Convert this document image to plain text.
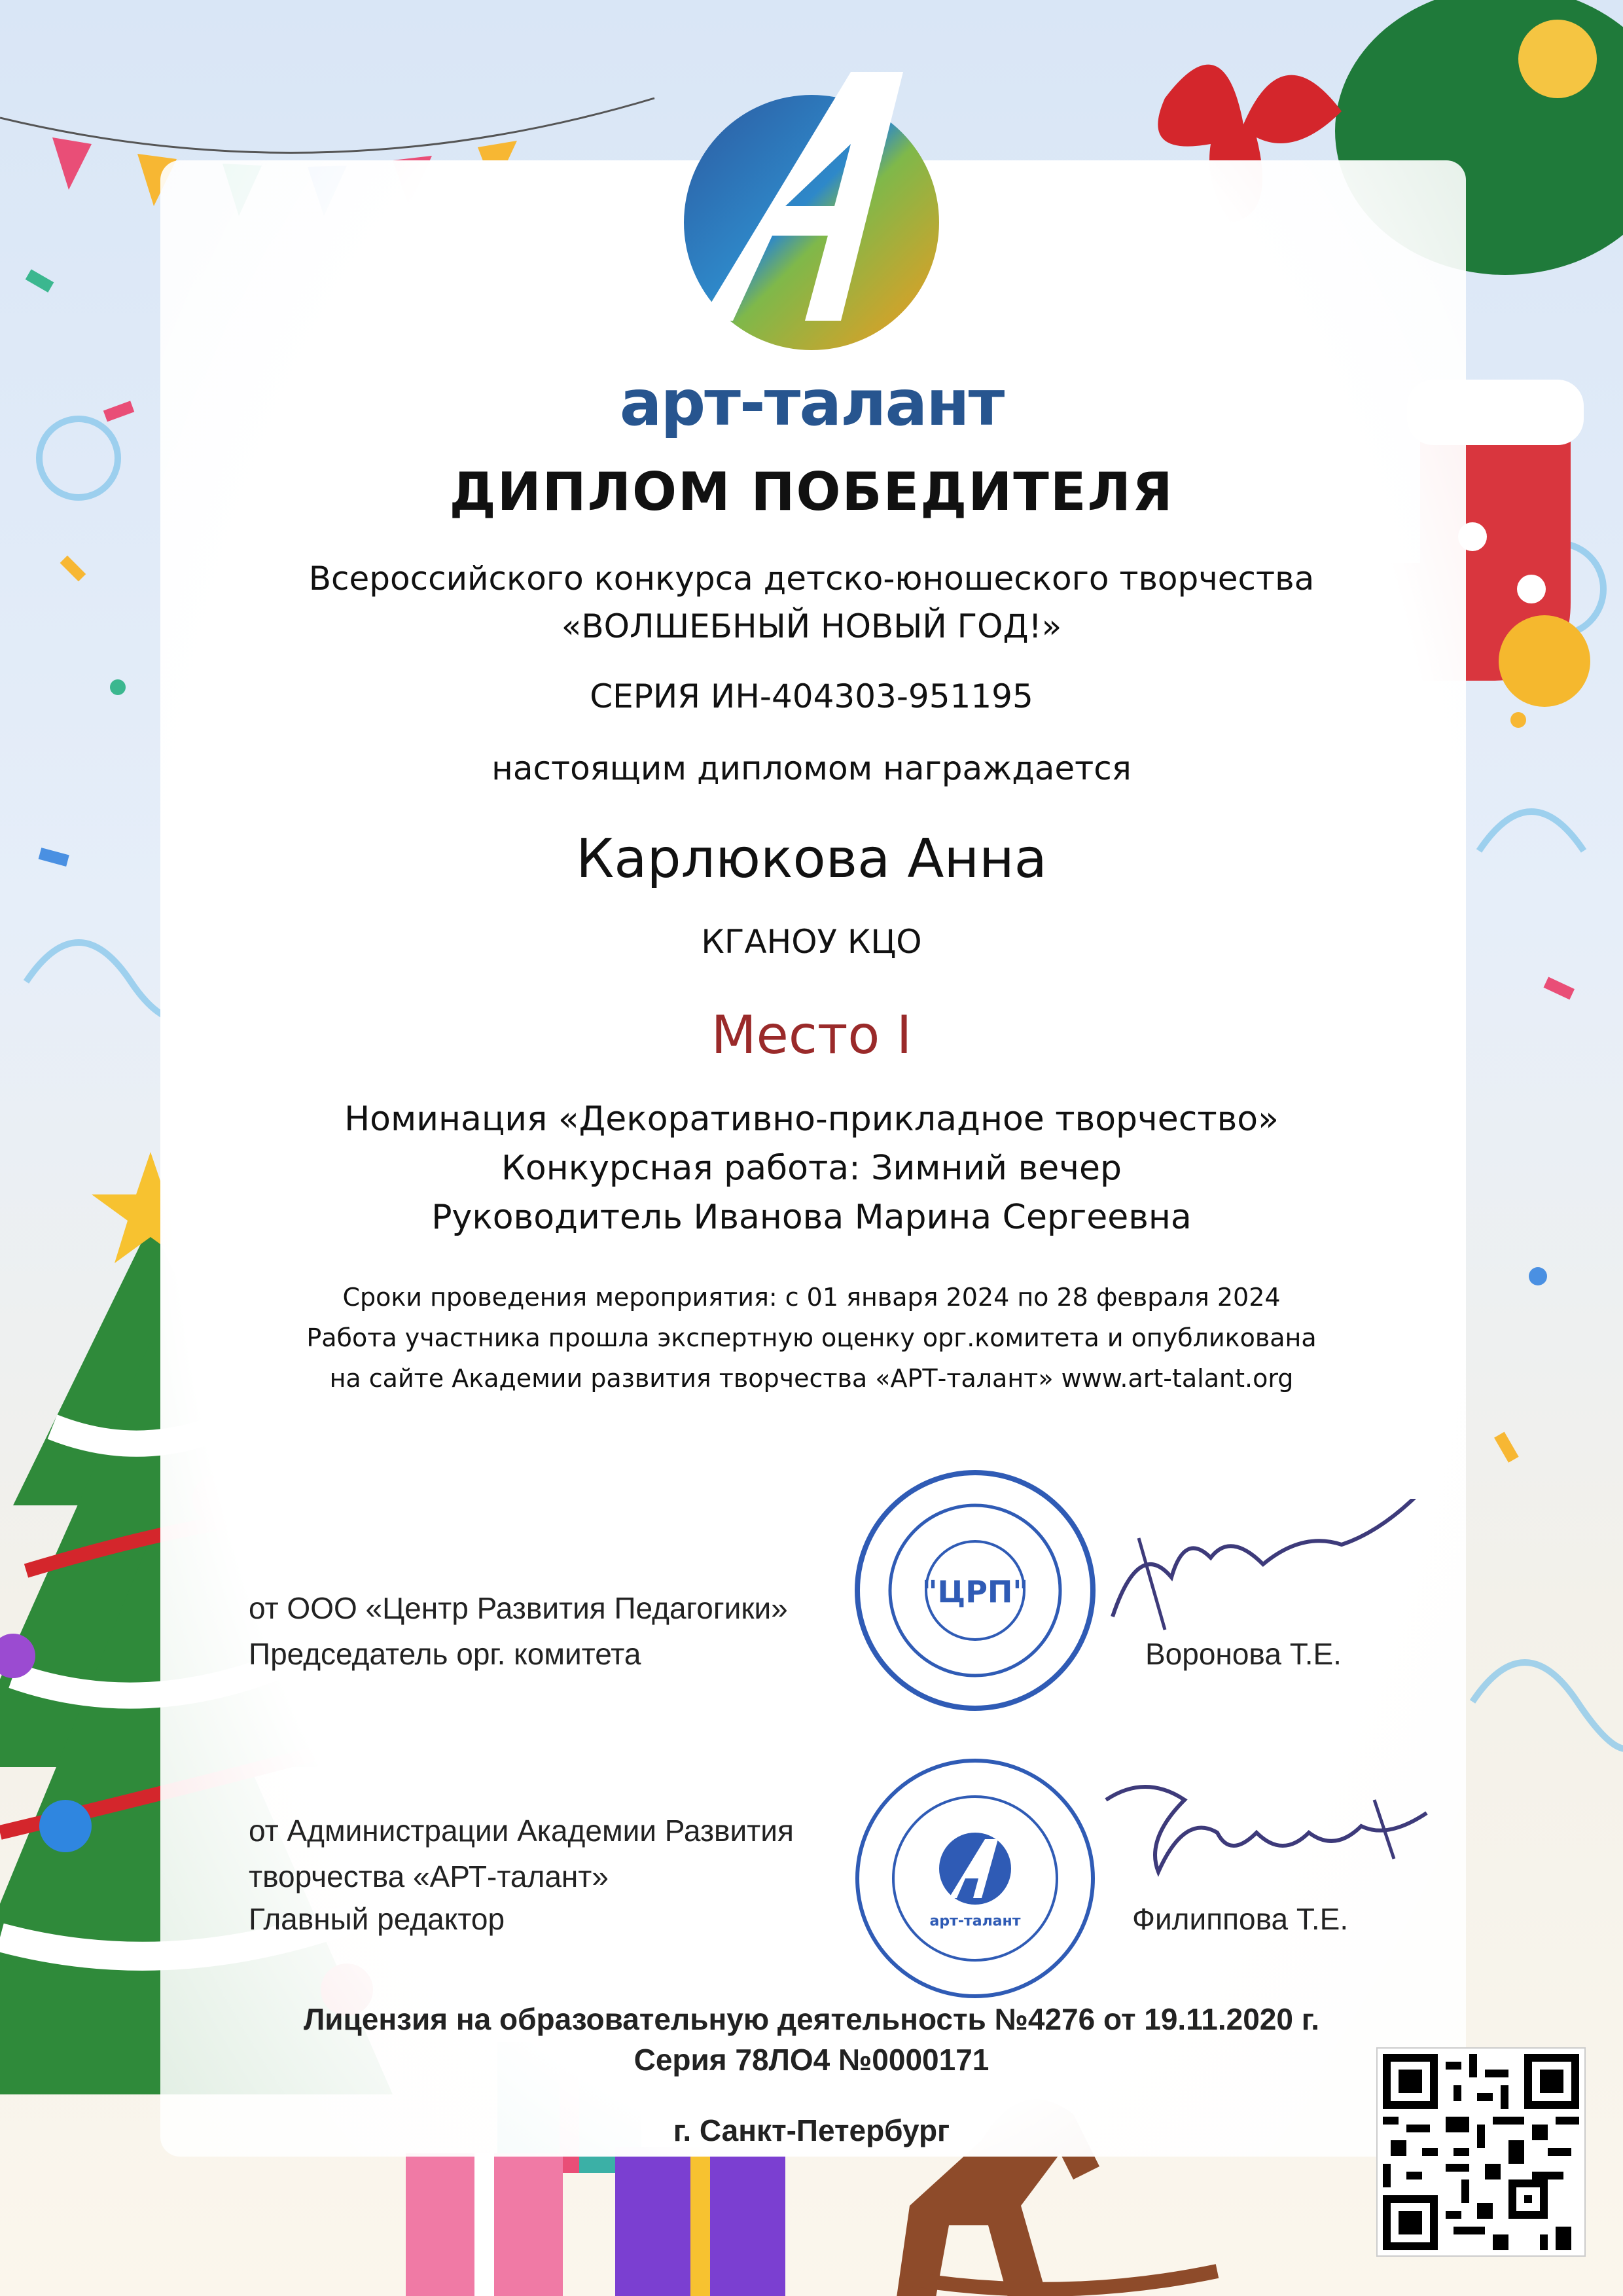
арт-талант
ДИПЛОМ ПОБЕДИТЕЛЯ
Всероссийского конкурса детско-юношеского творчества
«ВОЛШЕБНЫЙ НОВЫЙ ГОД!»
СЕРИЯ ИН-404303-951195
настоящим дипломом награждается
Карлюкова Анна
КГАНОУ КЦО
Место I
Номинация «Декоративно-прикладное творчество»
Конкурсная работа: Зимний вечер
Руководитель Иванова Марина Сергеевна
Сроки проведения мероприятия: с 01 января 2024 по 28 февраля 2024
Работа участника прошла экспертную оценку орг.комитета и опубликована
на сайте Академии развития творчества «АРТ-талант» www.art-talant.org
от ООО «Центр Развития Педагогики»
Председатель орг. комитета
"ЦРП"
Воронова Т.Е.
от Администрации Академии Развития
творчества «АРТ-талант»
Главный редактор	арт-талант	Филиппова Т.Е.
Лицензия на образовательную деятельность №4276 от 19.11.2020 г.
Серия 78ЛО4 №0000171
г. Санкт-Петербург
